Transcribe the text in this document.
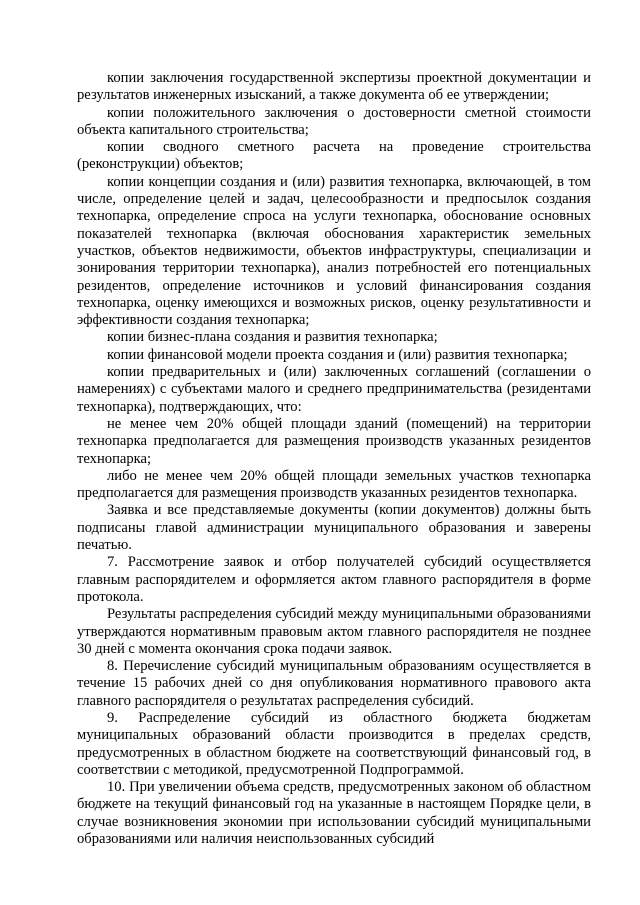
копии заключения государственной экспертизы проектной документации и результатов инженерных изысканий, а также документа об ее утверждении;

копии положительного заключения о достоверности сметной стоимости объекта капитального строительства;

копии сводного сметного расчета на проведение строительства (реконструкции) объектов;

копии концепции создания и (или) развития технопарка, включающей, в том числе, определение целей и задач, целесообразности и предпосылок создания технопарка, определение спроса на услуги технопарка, обоснование основных показателей технопарка (включая обоснования характеристик земельных участков, объектов недвижимости, объектов инфраструктуры, специализации и зонирования территории технопарка), анализ потребностей его потенциальных резидентов, определение источников и условий финансирования создания технопарка, оценку имеющихся и возможных рисков, оценку результативности и эффективности создания технопарка;

копии бизнес-плана создания и развития технопарка;

копии финансовой модели проекта создания и (или) развития технопарка;

копии предварительных и (или) заключенных соглашений (соглашении о намерениях) с субъектами малого и среднего предпринимательства (резидентами технопарка), подтверждающих, что:

не менее чем 20% общей площади зданий (помещений) на территории технопарка предполагается для размещения производств указанных резидентов технопарка;

либо не менее чем 20% общей площади земельных участков технопарка предполагается для размещения производств указанных резидентов технопарка.

Заявка и все представляемые документы (копии документов) должны быть подписаны главой администрации муниципального образования и заверены печатью.

7. Рассмотрение заявок и отбор получателей субсидий осуществляется главным распорядителем и оформляется актом главного распорядителя в форме протокола.

Результаты распределения субсидий между муниципальными образованиями утверждаются нормативным правовым актом главного распорядителя не позднее 30 дней с момента окончания срока подачи заявок.

8. Перечисление субсидий муниципальным образованиям осуществляется в течение 15 рабочих дней со дня опубликования нормативного правового акта главного распорядителя о результатах распределения субсидий.

9. Распределение субсидий из областного бюджета бюджетам муниципальных образований области производится в пределах средств, предусмотренных в областном бюджете на соответствующий финансовый год, в соответствии с методикой, предусмотренной Подпрограммой.

10. При увеличении объема средств, предусмотренных законом об областном бюджете на текущий финансовый год на указанные в настоящем Порядке цели, в случае возникновения экономии при использовании субсидий муниципальными образованиями или наличия неиспользованных субсидий
